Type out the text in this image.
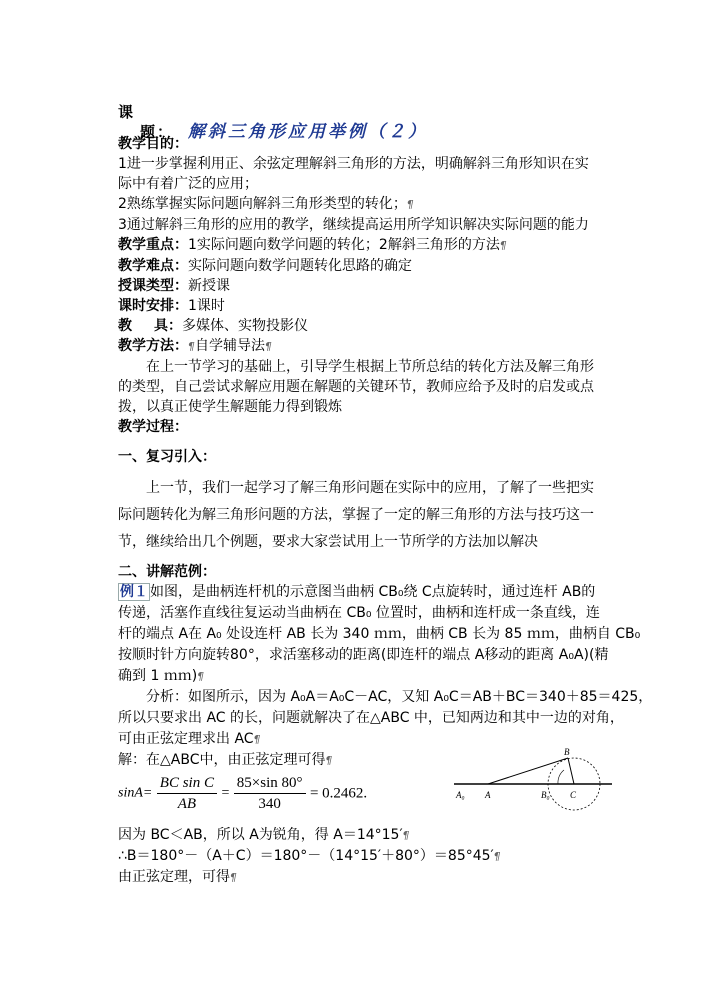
课题： 解斜三角形应用举例（２）
教学目的：
1进一步掌握利用正、余弦定理解斜三角形的方法，明确解斜三角形知识在实
际中有着广泛的应用；
2熟练掌握实际问题向解斜三角形类型的转化；¶
3通过解斜三角形的应用的教学，继续提高运用所学知识解决实际问题的能力
教学重点：1实际问题向数学问题的转化；2解斜三角形的方法¶
教学难点：实际问题向数学问题转化思路的确定
授课类型：新授课
课时安排：1课时
教 具：多媒体、实物投影仪
教学方法：¶自学辅导法¶
在上一节学习的基础上，引导学生根据上节所总结的转化方法及解三角形
的类型，自己尝试求解应用题在解题的关键环节，教师应给予及时的启发或点
拨，以真正使学生解题能力得到锻炼
教学过程：
一、复习引入：
上一节，我们一起学习了解三角形问题在实际中的应用，了解了一些把实
际问题转化为解三角形问题的方法，掌握了一定的解三角形的方法与技巧这一
节，继续给出几个例题，要求大家尝试用上一节所学的方法加以解决
二、讲解范例：
例１ 如图，是曲柄连杆机的示意图当曲柄 CB₀绕 C点旋转时，通过连杆 AB的
传递，活塞作直线往复运动当曲柄在 CB₀ 位置时，曲柄和连杆成一条直线，连
杆的端点 A在 A₀ 处设连杆 AB 长为 340 ｍｍ，曲柄 CB 长为 85 ｍｍ，曲柄自 CB₀
按顺时针方向旋转80°，求活塞移动的距离(即连杆的端点 A移动的距离 A₀A)(精
确到 1 ｍｍ)¶
分析：如图所示，因为 A₀A＝A₀C－AC，又知 A₀C＝AB＋BC＝340＋85＝425，
所以只要求出 AC 的长，问题就解决了在△ABC 中，已知两边和其中一边的对角，
可由正弦定理求出 AC¶
解：在△ABC中，由正弦定理可得¶
$\sin A= \frac{\text{BC sin C}}{AB} = \frac{85\times\sin 80^\circ}{340} = 0.2462$.
因为 BC＜AB，所以 A为锐角，得 A＝14°15′¶
∴B＝180°－（A＋C）＝180°－（14°15′＋80°）＝85°45′¶
由正弦定理，可得¶
A₀ A	B₀ C
B
